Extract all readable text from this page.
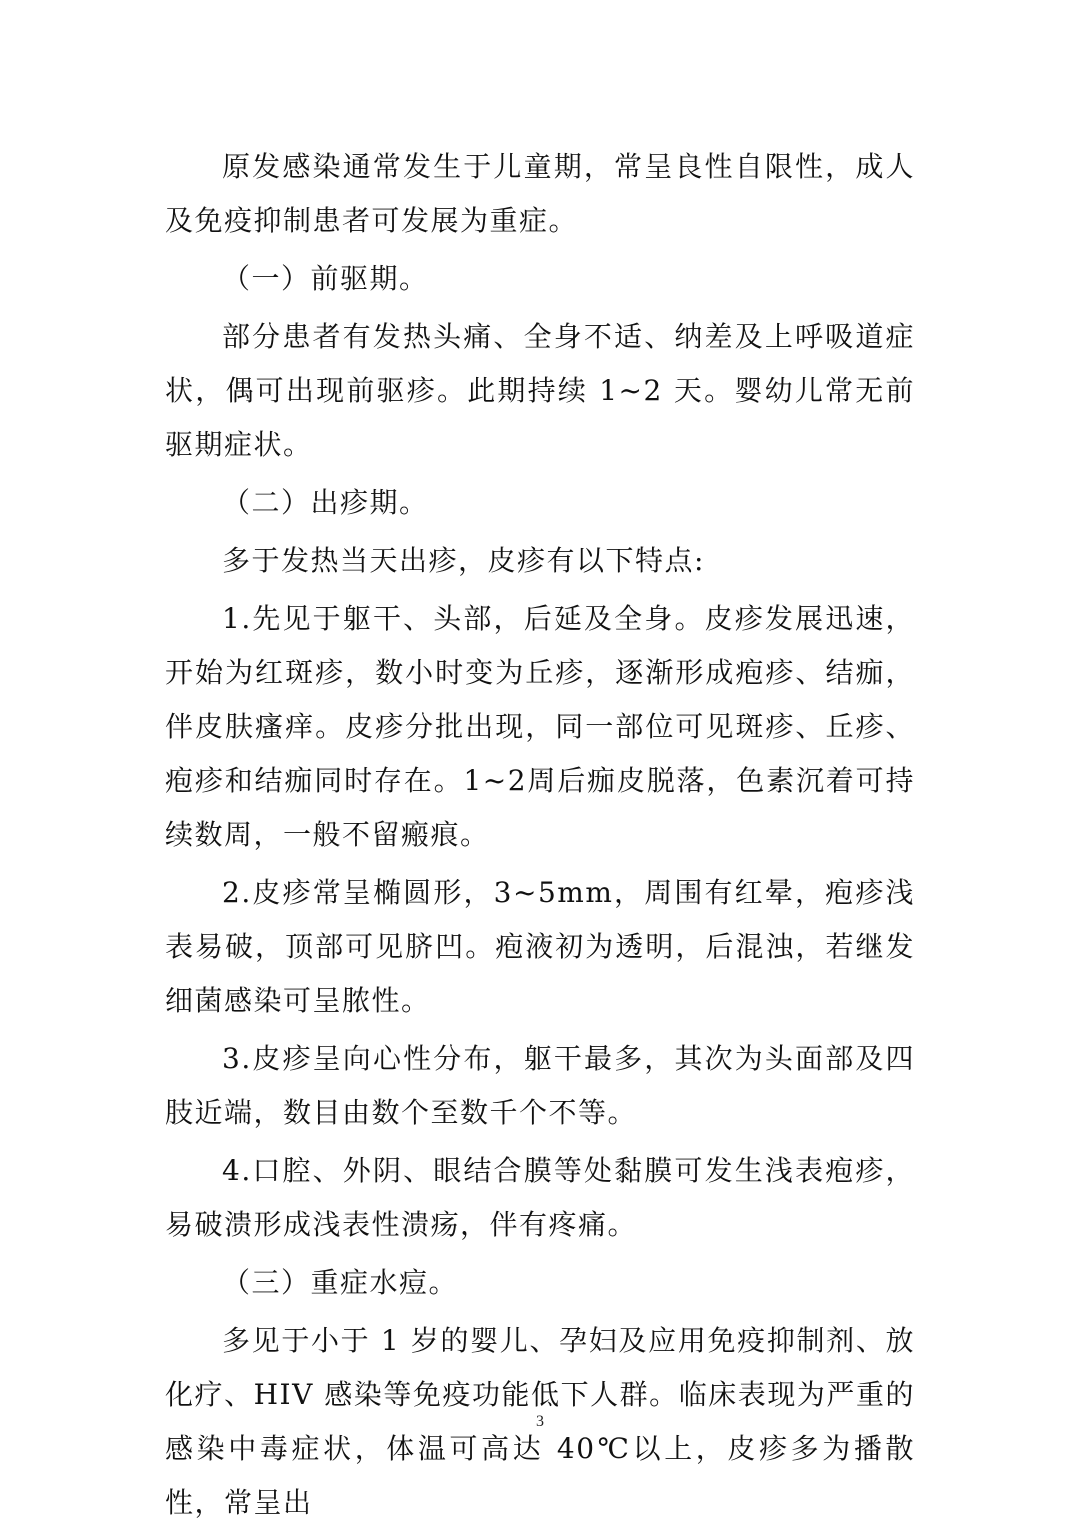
原发感染通常发生于儿童期，常呈良性自限性，成人及免疫抑制患者可发展为重症。

（一）前驱期。

部分患者有发热头痛、全身不适、纳差及上呼吸道症状，偶可出现前驱疹。此期持续 1~2 天。婴幼儿常无前驱期症状。

（二）出疹期。

多于发热当天出疹，皮疹有以下特点:

1.先见于躯干、头部，后延及全身。皮疹发展迅速，开始为红斑疹，数小时变为丘疹，逐渐形成疱疹、结痂，伴皮肤瘙痒。皮疹分批出现，同一部位可见斑疹、丘疹、疱疹和结痂同时存在。1~2周后痂皮脱落，色素沉着可持续数周，一般不留瘢痕。

2.皮疹常呈椭圆形，3~5mm，周围有红晕，疱疹浅表易破，顶部可见脐凹。疱液初为透明，后混浊，若继发细菌感染可呈脓性。

3.皮疹呈向心性分布，躯干最多，其次为头面部及四肢近端，数目由数个至数千个不等。

4.口腔、外阴、眼结合膜等处黏膜可发生浅表疱疹，易破溃形成浅表性溃疡，伴有疼痛。

（三）重症水痘。

多见于小于 1 岁的婴儿、孕妇及应用免疫抑制剂、放化疗、HIV 感染等免疫功能低下人群。临床表现为严重的感染中毒症状，体温可高达 40℃以上，皮疹多为播散性，常呈出

3
